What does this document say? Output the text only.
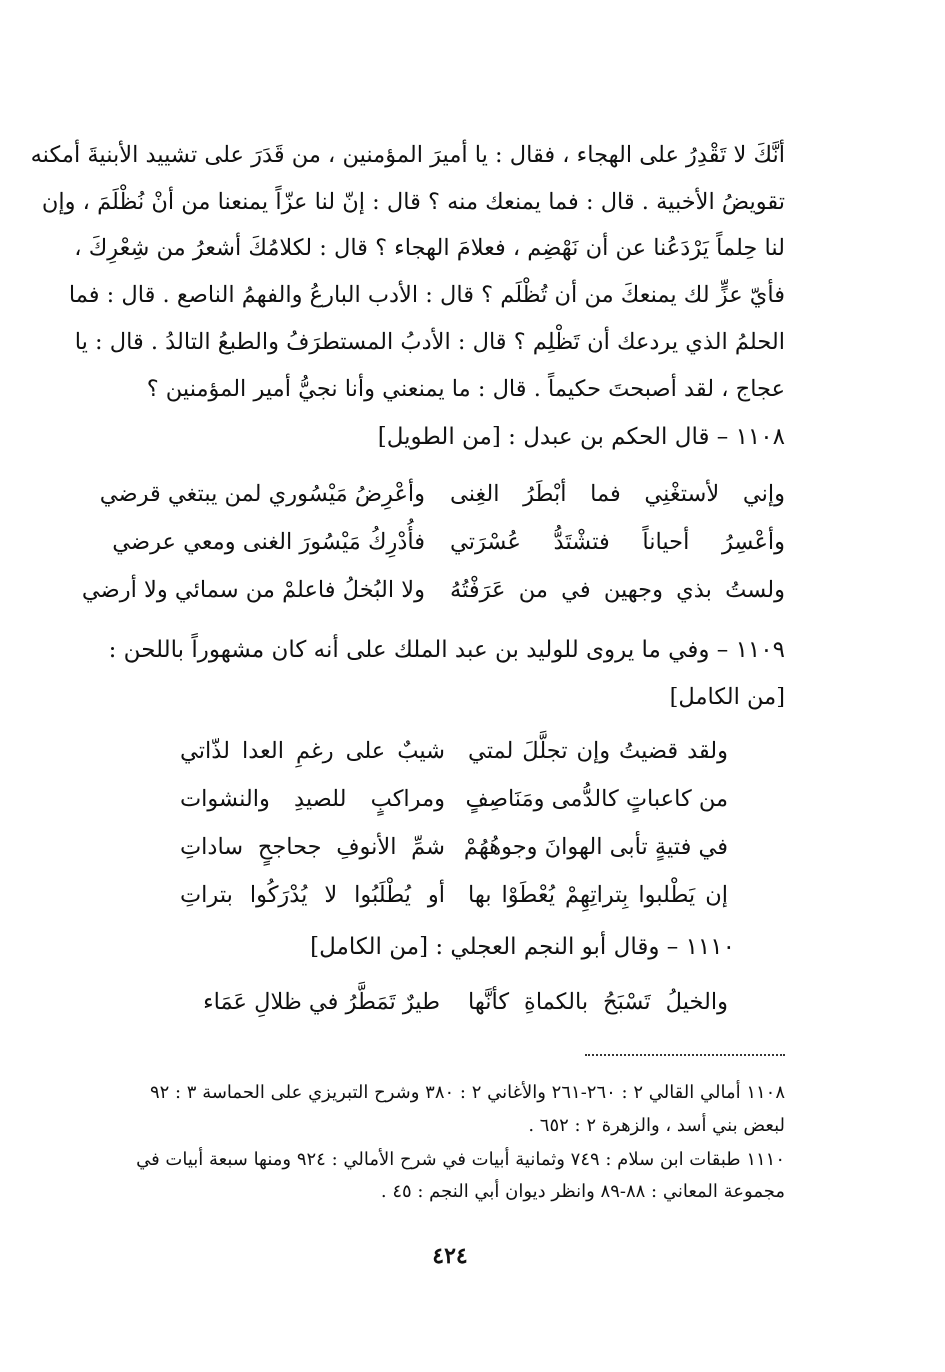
أنَّكَ لا تَقْدِرُ على الهجاء ، فقال : يا أميرَ المؤمنين ، من قَدَرَ على تشييد الأبنيةَ أمكنه
تقويضُ الأخبية . قال : فما يمنعك منه ؟ قال : إنّ لنا عزّاً يمنعنا من أنْ نُظْلَمَ ، وإن
لنا حِلماً يَرْدَعُنا عن أن نَهْضِم ، فعلامَ الهجاء ؟ قال : لكلامُكَ أشعرُ من شِعْرِكَ ،
فأيّ عزٍّ لك يمنعكَ من أن تُظْلَم ؟ قال : الأدب البارعُ والفهمُ الناصع . قال : فما
الحلمُ الذي يردعك أن تَظْلِم ؟ قال : الأدبُ المستطرَفُ والطبعُ التالدُ . قال : يا
عجاج ، لقد أصبحتَ حكيماً . قال : ما يمنعني وأنا نجيُّ أمير المؤمنين ؟
١١٠٨ – قال الحكم بن عبدل : [من الطويل]
وإني لأستغْنِي فما أبْطَرُ الغِنى
وأعْرِضُ مَيْسُوري لمن يبتغي قرضي
وأعْسِرُ أحياناً فتشْتَدُّ عُسْرَتي
فأُدْرِكُ مَيْسُورَ الغنى ومعي عرضي
ولستُ بذي وجهين في من عَرَفْتُهُ
ولا البُخلُ فاعلمْ من سمائي ولا أرضي
١١٠٩ – وفي ما يروى للوليد بن عبد الملك على أنه كان مشهوراً باللحن :
[من الكامل]
ولقد قضيتُ وإن تجلَّلَ لمتي
شيبٌ على رغمِ العدا لذّاتي
من كاعباتٍ كالدُّمى ومَنَاصِفٍ
ومراكبٍ للصيدِ والنشوات
في فتيةٍ تأبى الهوانَ وجوهُهُمْ
شمِّ الأنوفِ جحاجحٍ ساداتِ
إن يَطْلبوا بِتراتِهِمْ يُعْطَوْا بها
أو يُطْلَبُوا لا يُدْرَكُوا بتراتِ
١١١٠ – وقال أبو النجم العجلي : [من الكامل]
والخيلُ تَسْبَحُ بالكماةِ كأنَّها
طيرٌ تَمَطَّرُ في ظلالِ عَمَاء
١١٠٨ أمالي القالي ٢ : ٢٦٠-٢٦١ والأغاني ٢ : ٣٨٠ وشرح التبريزي على الحماسة ٣ : ٩٢
لبعض بني أسد ، والزهرة ٢ : ٦٥٢ .
١١١٠ طبقات ابن سلام : ٧٤٩ وثمانية أبيات في شرح الأمالي : ٩٢٤ ومنها سبعة أبيات في
مجموعة المعاني : ٨٨-٨٩ وانظر ديوان أبي النجم : ٤٥ .
٤٢٤
